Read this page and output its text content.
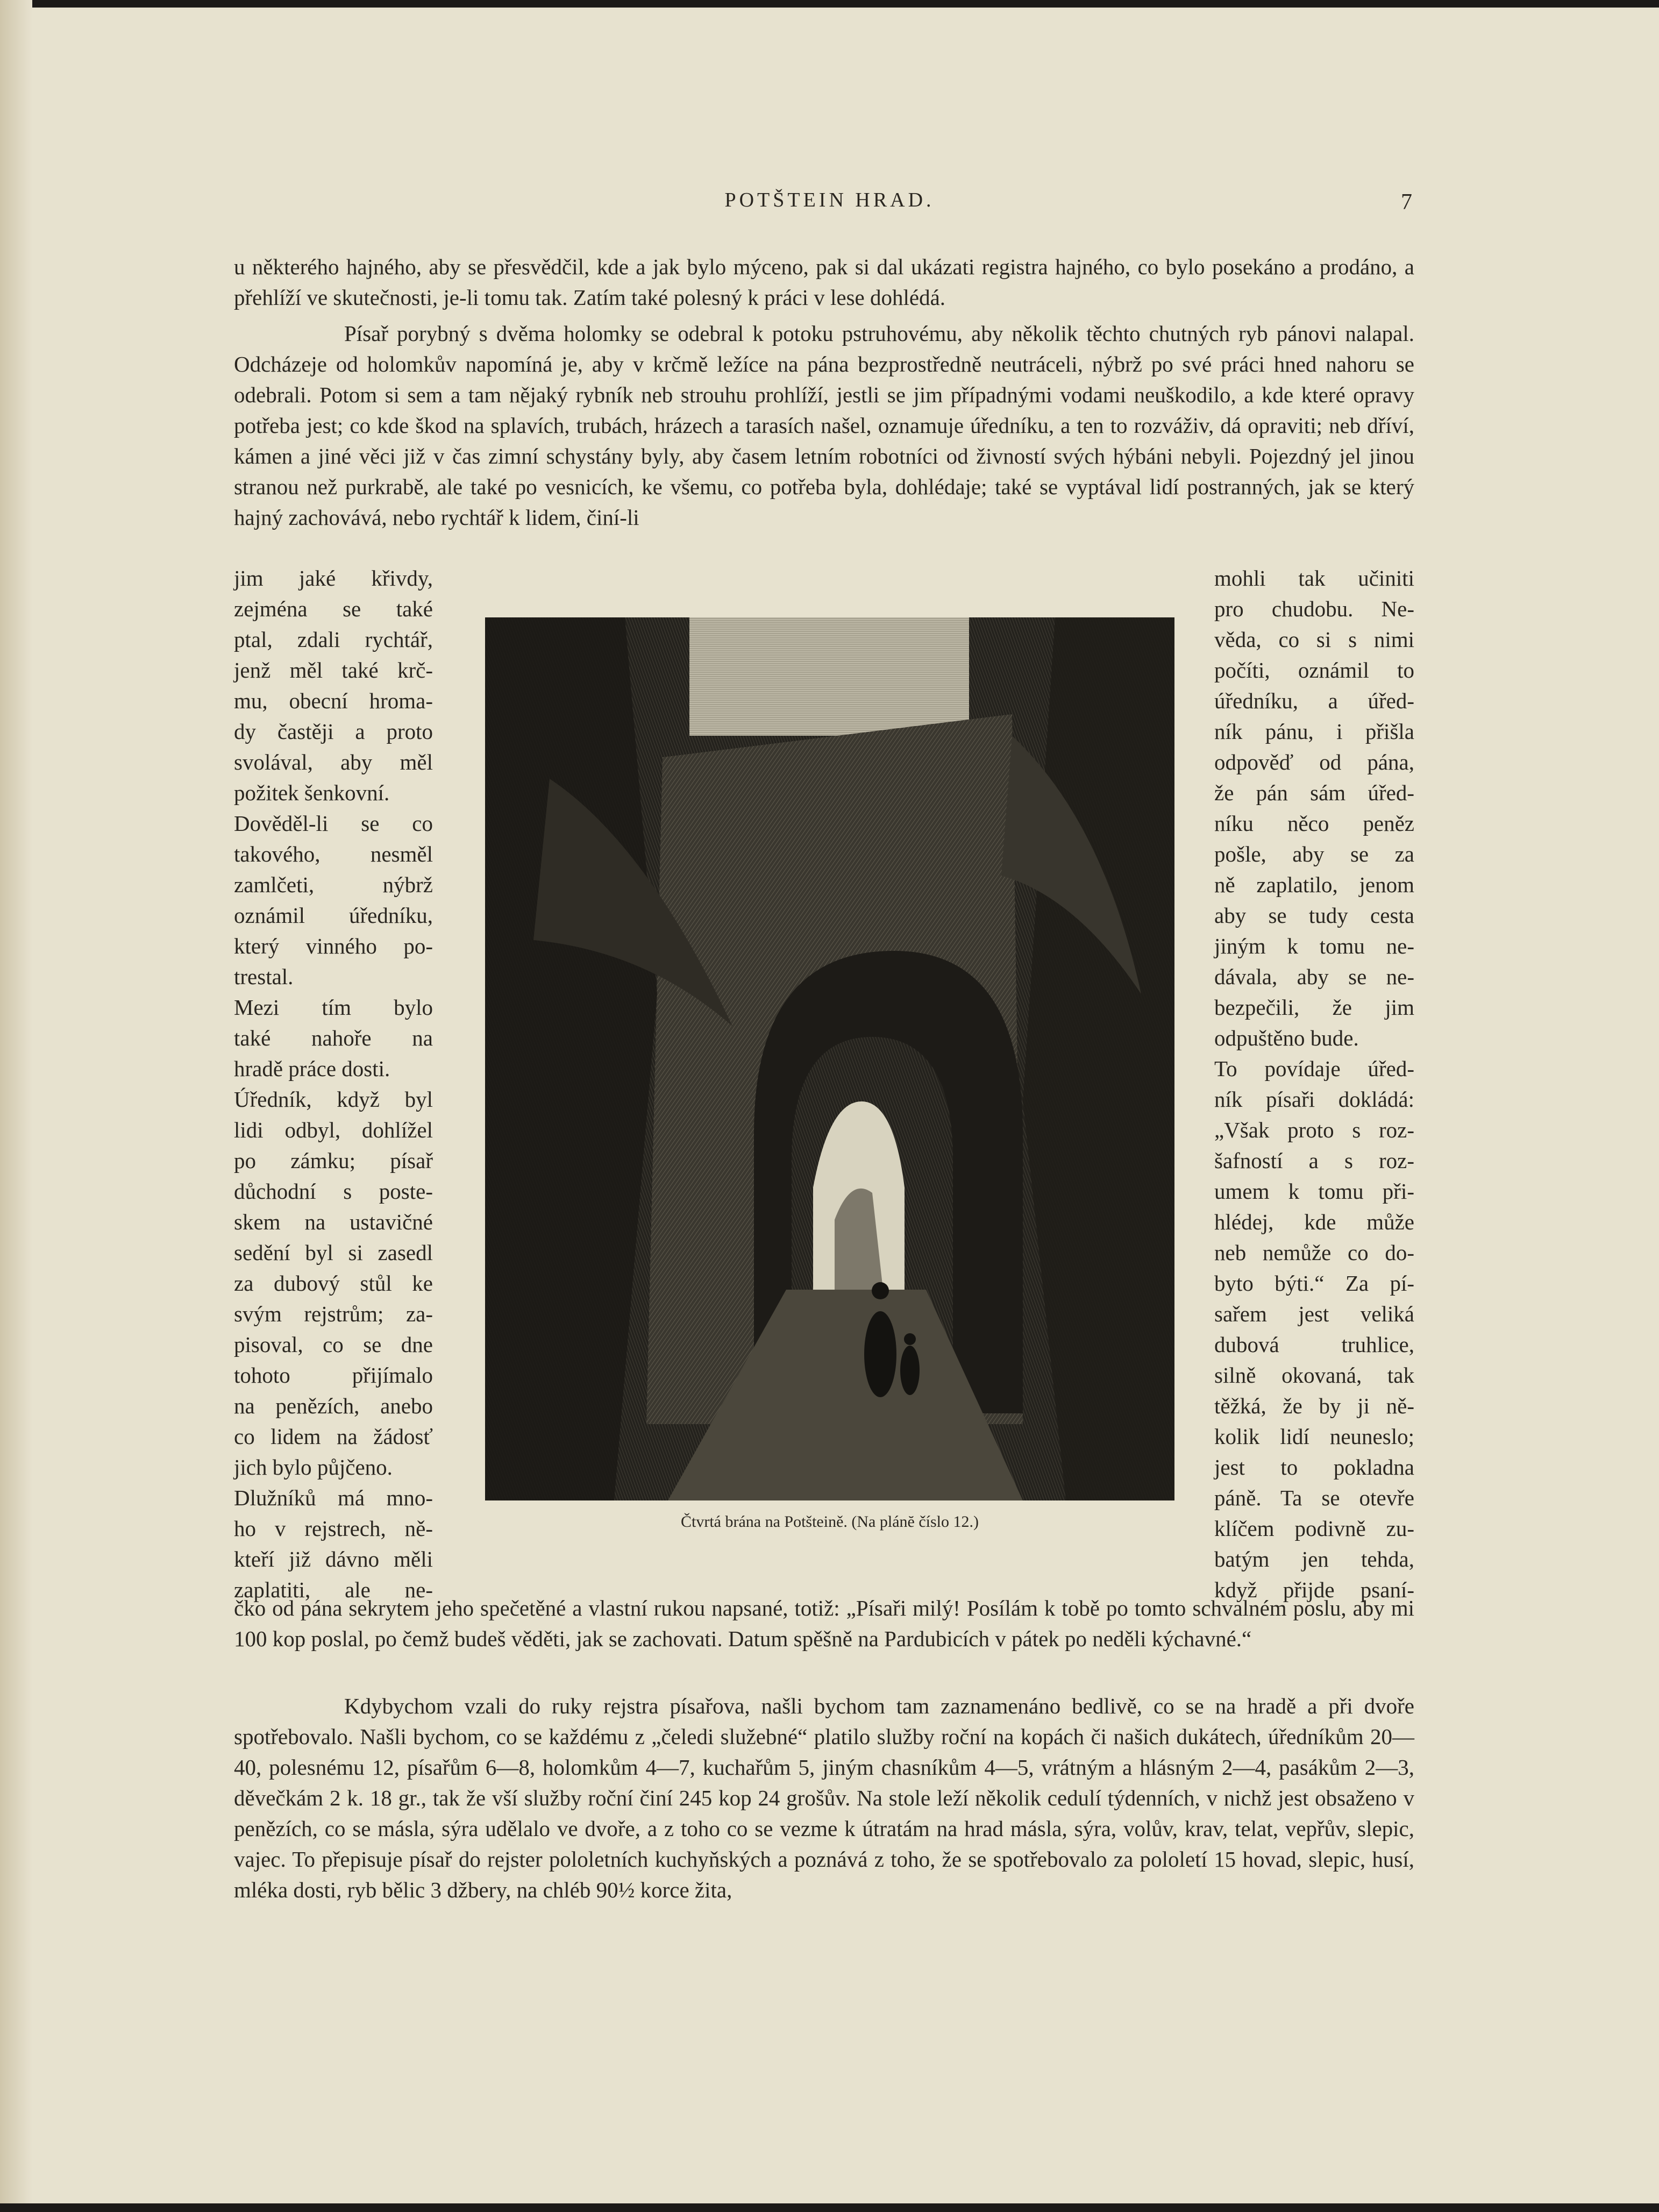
POTŠTEIN HRAD.	7

u některého hajného, aby se přesvědčil, kde a jak bylo mýceno, pak si dal ukázati registra hajného, co bylo posekáno a prodáno, a přehlíží ve skutečnosti, je-li tomu tak. Zatím také polesný k práci v lese dohlédá.

Písař porybný s dvěma holomky se odebral k potoku pstruhovému, aby několik těchto chutných ryb pánovi nalapal. Odcházeje od holomkův napomíná je, aby v krčmě ležíce na pána bezprostředně neutráceli, nýbrž po své práci hned nahoru se odebrali. Potom si sem a tam nějaký rybník neb strouhu prohlíží, jestli se jim případnými vodami neuškodilo, a kde které opravy potřeba jest; co kde škod na splavích, trubách, hrázech a tarasích našel, oznamuje úředníku, a ten to rozváživ, dá opraviti; neb dříví, kámen a jiné věci již v čas zimní schystány byly, aby časem letním robotníci od živností svých hýbáni nebyli. Pojezdný jel jinou stranou než purkrabě, ale také po vesnicích, ke všemu, co potřeba byla, dohlédaje; také se vyptával lidí postranných, jak se který hajný zachovává, nebo rychtář k lidem, činí-li

jim jaké křivdy,
zejména se také
ptal, zdali rychtář,
jenž měl také krč-
mu, obecní hroma-
dy častěji a proto
svolával, aby měl
požitek šenkovní.
Dověděl-li se co
takového, nesměl
zamlčeti, nýbrž
oznámil úředníku,
který vinného po-
trestal.
Mezi tím bylo
také nahoře na
hradě práce dosti.
Úředník, když byl
lidi odbyl, dohlížel
po zámku; písař
důchodní s poste-
skem na ustavičné
sedění byl si zasedl
za dubový stůl ke
svým rejstrům; za-
pisoval, co se dne
tohoto přijímalo
na penězích, anebo
co lidem na žádosť
jich bylo půjčeno.
Dlužníků má mno-
ho v rejstrech, ně-
kteří již dávno měli
zaplatiti, ale ne-
mohli tak učiniti
pro chudobu. Ne-
věda, co si s nimi
počíti, oznámil to
úředníku, a úřed-
ník pánu, i přišla
odpověď od pána,
že pán sám úřed-
níku něco peněz
pošle, aby se za
ně zaplatilo, jenom
aby se tudy cesta
jiným k tomu ne-
dávala, aby se ne-
bezpečili, že jim
odpuštěno bude.
To povídaje úřed-
ník písaři dokládá:
„Však proto s roz-
šafností a s roz-
umem k tomu při-
hlédej, kde může
neb nemůže co do-
byto býti.“ Za pí-
sařem jest veliká
dubová truhlice,
silně okovaná, tak
těžká, že by ji ně-
kolik lidí neuneslo;
jest to pokladna
páně. Ta se otevře
klíčem podivně zu-
batým jen tehda,
když přijde psaní-
Čtvrtá brána na Potšteině. (Na plánĕ číslo 12.)

čko od pána sekrytem jeho spečetěné a vlastní rukou napsané, totiž: „Písaři milý! Posílám k tobě po tomto schvalném poslu, aby mi 100 kop poslal, po čemž budeš věděti, jak se zachovati. Datum spěšně na Pardubicích v pátek po neděli kýchavné.“

Kdybychom vzali do ruky rejstra písařova, našli bychom tam zaznamenáno bedlivě, co se na hradě a při dvoře spotřebovalo. Našli bychom, co se každému z „čeledi služebné“ platilo služby roční na kopách či našich dukátech, úředníkům 20—40, polesnému 12, písařům 6—8, holomkům 4—7, kuchařům 5, jiným chasníkům 4—5, vrátným a hlásným 2—4, pasákům 2—3, děvečkám 2 k. 18 gr., tak že vší služby roční činí 245 kop 24 grošův. Na stole leží několik cedulí týdenních, v nichž jest obsaženo v penězích, co se másla, sýra udělalo ve dvoře, a z toho co se vezme k útratám na hrad másla, sýra, volův, krav, telat, vepřův, slepic, vajec. To přepisuje písař do rejster pololetních kuchyňských a poznává z toho, že se spotřebovalo za pololetí 15 hovad, slepic, husí, mléka dosti, ryb bělic 3 džbery, na chléb 90½ korce žita,
